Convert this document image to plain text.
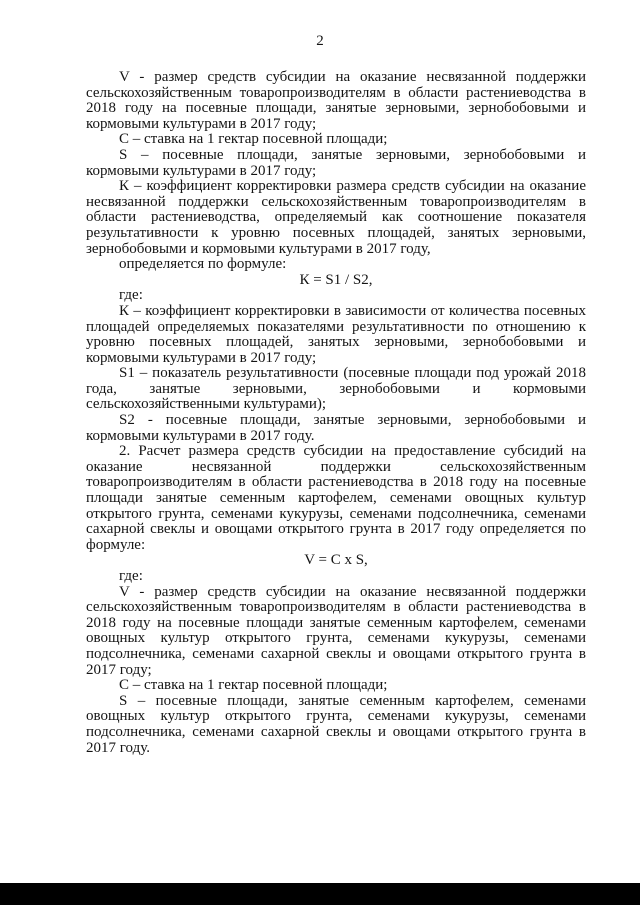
2

V - размер средств субсидии на оказание несвязанной поддержки сельскохозяйственным товаропроизводителям в области растениеводства в 2018 году на посевные площади, занятые зерновыми, зернобобовыми и кормовыми культурами в 2017 году;

С – ставка на 1 гектар посевной площади;

S – посевные площади, занятые зерновыми, зернобобовыми и кормовыми культурами в 2017 году;

К – коэффициент корректировки размера средств субсидии на оказание несвязанной поддержки сельскохозяйственным товаропроизводителям в области растениеводства, определяемый как соотношение показателя результативности к уровню посевных площадей, занятых зерновыми, зернобобовыми и кормовыми культурами в 2017 году,

определяется по формуле:

К = S1 / S2,

где:

К – коэффициент корректировки в зависимости от количества посевных площадей определяемых показателями результативности по отношению к уровню посевных площадей, занятых зерновыми, зернобобовыми и кормовыми культурами в 2017 году;

S1 – показатель результативности (посевные площади под урожай 2018 года, занятые зерновыми, зернобобовыми и кормовыми сельскохозяйственными культурами);

S2 - посевные площади, занятые зерновыми, зернобобовыми и кормовыми культурами в 2017 году.

2. Расчет размера средств субсидии на предоставление субсидий на оказание несвязанной поддержки сельскохозяйственным товаропроизводителям в области растениеводства в 2018 году на посевные площади занятые семенным картофелем, семенами овощных культур открытого грунта, семенами кукурузы, семенами подсолнечника, семенами сахарной свеклы и овощами открытого грунта в 2017 году определяется по формуле:

V = С х S,

где:

V - размер средств субсидии на оказание несвязанной поддержки сельскохозяйственным товаропроизводителям в области растениеводства в 2018 году на посевные площади занятые семенным картофелем, семенами овощных культур открытого грунта, семенами кукурузы, семенами подсолнечника, семенами сахарной свеклы и овощами открытого грунта в 2017 году;

С – ставка на 1 гектар посевной площади;

S – посевные площади, занятые семенным картофелем, семенами овощных культур открытого грунта, семенами кукурузы, семенами подсолнечника, семенами сахарной свеклы и овощами открытого грунта в 2017 году.
